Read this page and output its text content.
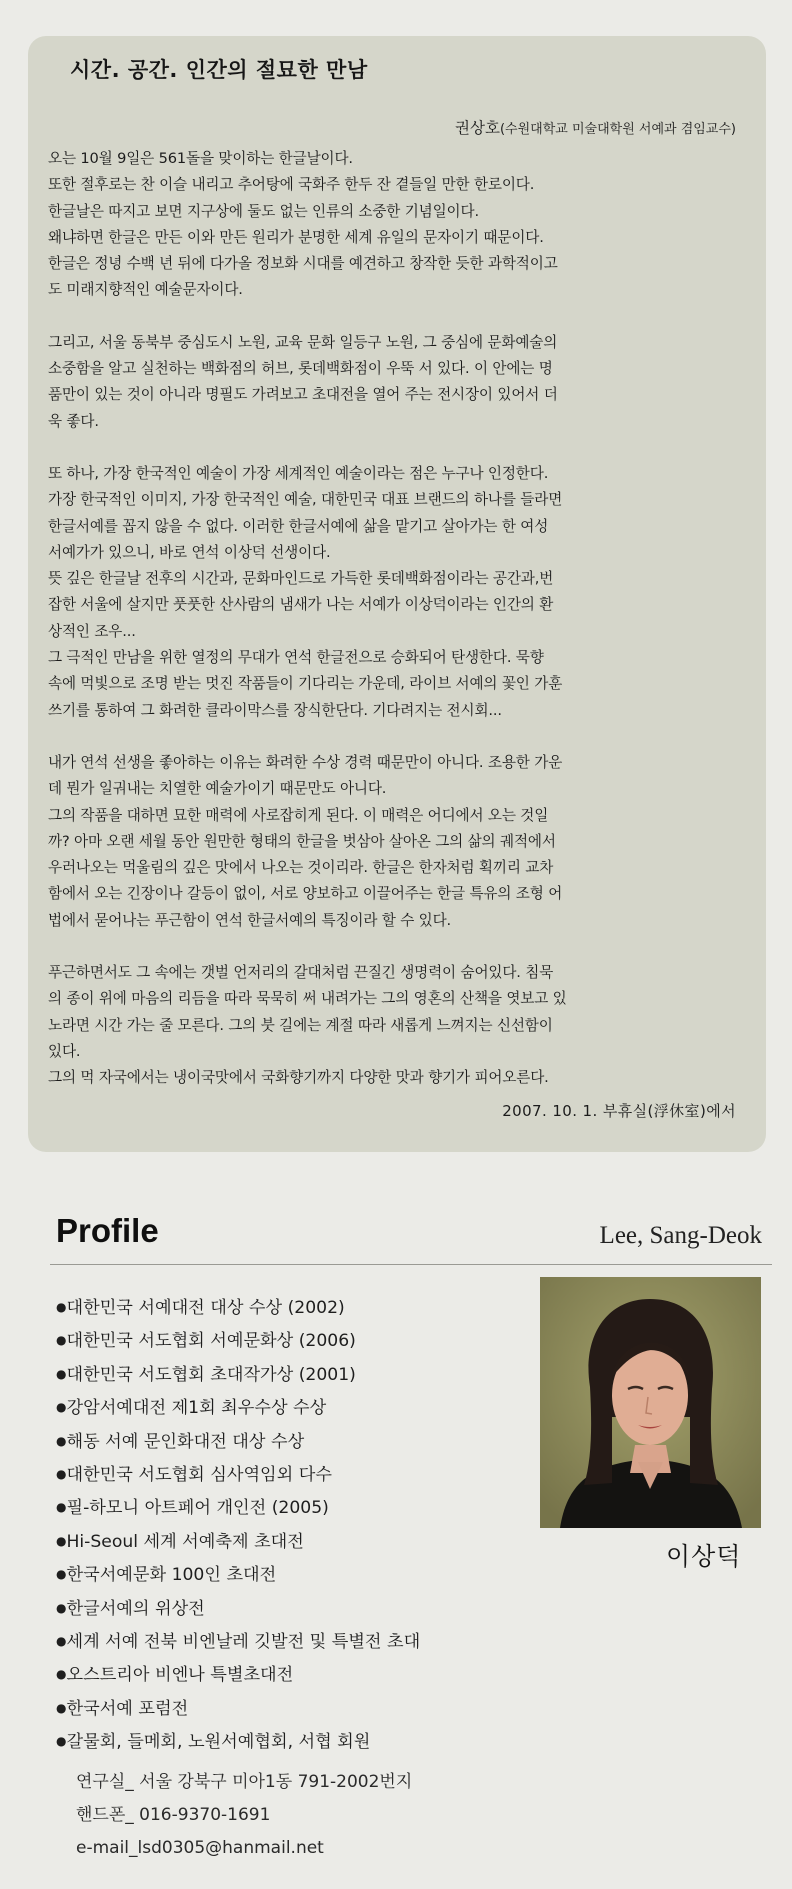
시간. 공간. 인간의 절묘한 만남

권상호(수원대학교 미술대학원 서예과 겸임교수)

오는 10월 9일은 561돌을 맞이하는 한글날이다.
또한 절후로는 찬 이슬 내리고 추어탕에 국화주 한두 잔 곁들일 만한 한로이다.
한글날은 따지고 보면 지구상에 둘도 없는 인류의 소중한 기념일이다.
왜냐하면 한글은 만든 이와 만든 원리가 분명한 세계 유일의 문자이기 때문이다.
한글은 정녕 수백 년 뒤에 다가올 정보화 시대를 예견하고 창작한 듯한 과학적이고
도 미래지향적인 예술문자이다.

그리고, 서울 동북부 중심도시 노원, 교육 문화 일등구 노원, 그 중심에 문화예술의
소중함을 알고 실천하는 백화점의 허브, 롯데백화점이 우뚝 서 있다. 이 안에는 명
품만이 있는 것이 아니라 명필도 가려보고 초대전을 열어 주는 전시장이 있어서 더
욱 좋다.

또 하나, 가장 한국적인 예술이 가장 세계적인 예술이라는 점은 누구나 인정한다.
가장 한국적인 이미지, 가장 한국적인 예술, 대한민국 대표 브랜드의 하나를 들라면
한글서예를 꼽지 않을 수 없다. 이러한 한글서예에 삶을 맡기고 살아가는 한 여성
서예가가 있으니, 바로 연석 이상덕 선생이다.
뜻 깊은 한글날 전후의 시간과, 문화마인드로 가득한 롯데백화점이라는 공간과,번
잡한 서울에 살지만 풋풋한 산사람의 냄새가 나는 서예가 이상덕이라는 인간의 환
상적인 조우...
그 극적인 만남을 위한 열정의 무대가 연석 한글전으로 승화되어 탄생한다. 묵향
속에 먹빛으로 조명 받는 멋진 작품들이 기다리는 가운데, 라이브 서예의 꽃인 가훈
쓰기를 통하여 그 화려한 클라이막스를 장식한단다. 기다려지는 전시회...

내가 연석 선생을 좋아하는 이유는 화려한 수상 경력 때문만이 아니다. 조용한 가운
데 뭔가 일궈내는 치열한 예술가이기 때문만도 아니다.
그의 작품을 대하면 묘한 매력에 사로잡히게 된다. 이 매력은 어디에서 오는 것일
까? 아마 오랜 세월 동안 원만한 형태의 한글을 벗삼아 살아온 그의 삶의 궤적에서
우러나오는 먹울림의 깊은 맛에서 나오는 것이리라. 한글은 한자처럼 획끼리 교차
함에서 오는 긴장이나 갈등이 없이, 서로 양보하고 이끌어주는 한글 특유의 조형 어
법에서 묻어나는 푸근함이 연석 한글서예의 특징이라 할 수 있다.

푸근하면서도 그 속에는 갯벌 언저리의 갈대처럼 끈질긴 생명력이 숨어있다. 침묵
의 종이 위에 마음의 리듬을 따라 묵묵히 써 내려가는 그의 영혼의 산책을 엿보고 있
노라면 시간 가는 줄 모른다. 그의 붓 길에는 계절 따라 새롭게 느껴지는 신선함이
있다.
그의 먹 자국에서는 냉이국맛에서 국화향기까지 다양한 맛과 향기가 피어오른다.

2007. 10. 1. 부휴실(浮休室)에서

Profile	Lee, Sang-Deok

●대한민국 서예대전 대상 수상 (2002)
●대한민국 서도협회 서예문화상 (2006)
●대한민국 서도협회 초대작가상 (2001)
●강암서예대전 제1회 최우수상 수상
●해동 서예 문인화대전 대상 수상
●대한민국 서도협회 심사역임외 다수
●필-하모니 아트페어 개인전 (2005)
●Hi-Seoul 세계 서예축제 초대전
●한국서예문화 100인 초대전
●한글서예의 위상전
●세계 서예 전북 비엔날레 깃발전 및 특별전 초대
●오스트리아 비엔나 특별초대전
●한국서예 포럼전
●갈물회, 들메회, 노원서예협회, 서협 회원

이상덕

연구실_ 서울 강북구 미아1동 791-2002번지
핸드폰_ 016-9370-1691
e-mail_lsd0305@hanmail.net
